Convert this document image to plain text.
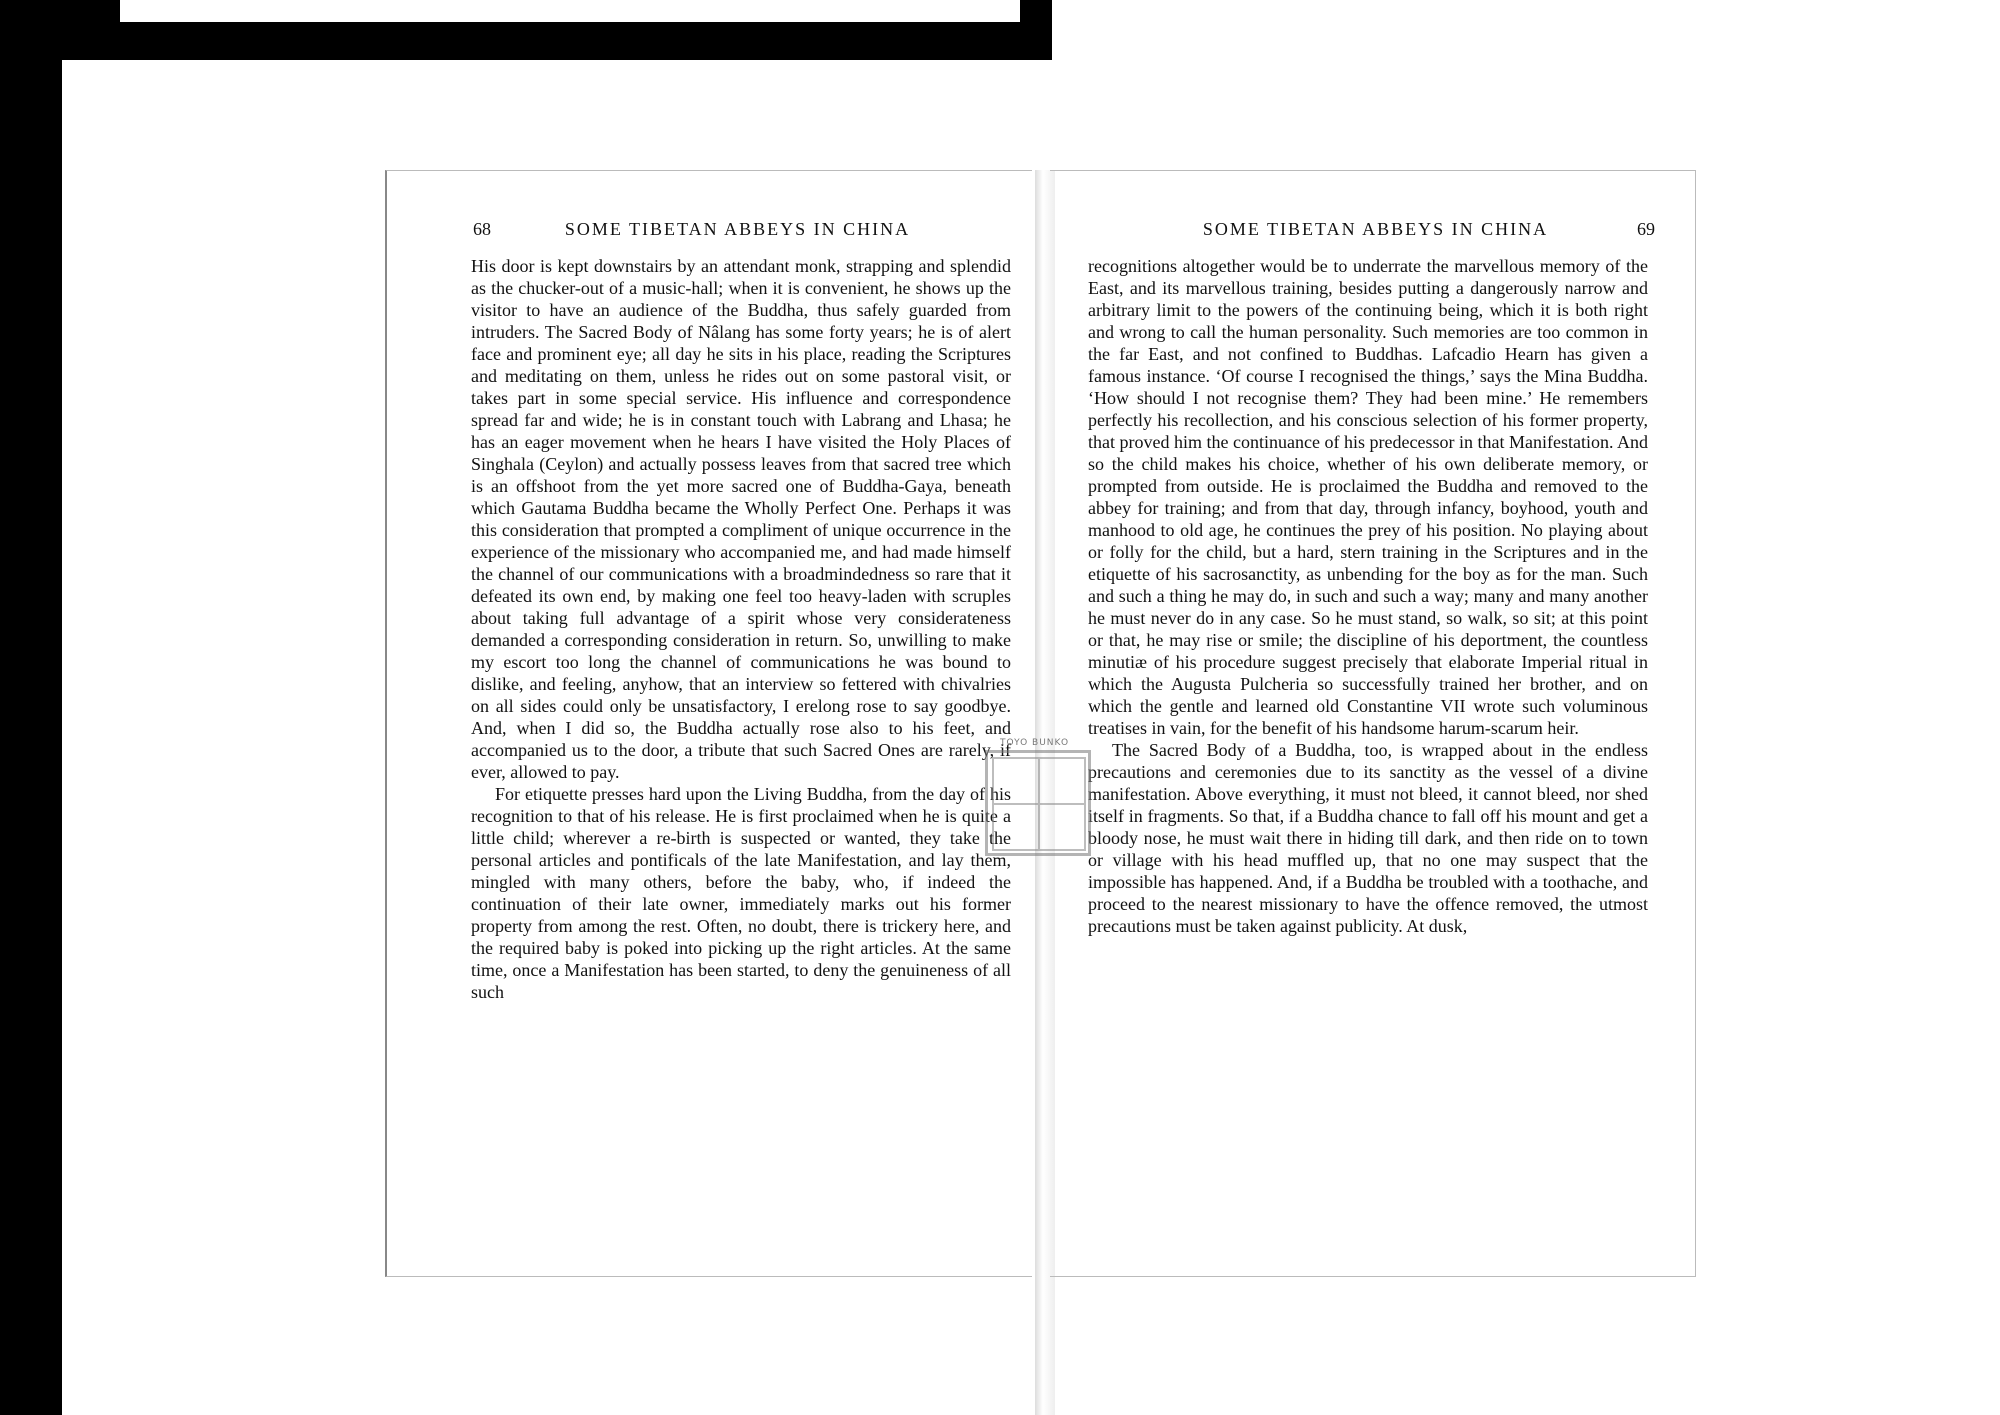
68	SOME TIBETAN ABBEYS IN CHINA

His door is kept downstairs by an attendant monk, strapping and splendid as the chucker-out of a music-hall; when it is convenient, he shows up the visitor to have an audience of the Buddha, thus safely guarded from intruders. The Sacred Body of Nâlang has some forty years; he is of alert face and prominent eye; all day he sits in his place, reading the Scriptures and meditating on them, unless he rides out on some pastoral visit, or takes part in some special service. His influence and correspondence spread far and wide; he is in constant touch with Labrang and Lhasa; he has an eager movement when he hears I have visited the Holy Places of Singhala (Ceylon) and actually possess leaves from that sacred tree which is an offshoot from the yet more sacred one of Buddha-Gaya, beneath which Gautama Buddha became the Wholly Perfect One. Perhaps it was this consideration that prompted a compliment of unique occurrence in the experience of the missionary who accompanied me, and had made himself the channel of our communications with a broadmindedness so rare that it defeated its own end, by making one feel too heavy-laden with scruples about taking full advantage of a spirit whose very considerateness demanded a corresponding consideration in return. So, unwilling to make my escort too long the channel of communications he was bound to dislike, and feeling, anyhow, that an interview so fettered with chivalries on all sides could only be unsatisfactory, I erelong rose to say goodbye. And, when I did so, the Buddha actually rose also to his feet, and accompanied us to the door, a tribute that such Sacred Ones are rarely, if ever, allowed to pay.

For etiquette presses hard upon the Living Buddha, from the day of his recognition to that of his release. He is first proclaimed when he is quite a little child; wherever a re-birth is suspected or wanted, they take the personal articles and pontificals of the late Manifestation, and lay them, mingled with many others, before the baby, who, if indeed the continuation of their late owner, immediately marks out his former property from among the rest. Often, no doubt, there is trickery here, and the required baby is poked into picking up the right articles. At the same time, once a Manifestation has been started, to deny the genuineness of all such

SOME TIBETAN ABBEYS IN CHINA	69

recognitions altogether would be to underrate the marvellous memory of the East, and its marvellous training, besides putting a dangerously narrow and arbitrary limit to the powers of the continuing being, which it is both right and wrong to call the human personality. Such memories are too common in the far East, and not confined to Buddhas. Lafcadio Hearn has given a famous instance. ‘Of course I recognised the things,’ says the Mina Buddha. ‘How should I not recognise them? They had been mine.’ He remembers perfectly his recollection, and his conscious selection of his former property, that proved him the continuance of his predecessor in that Manifestation. And so the child makes his choice, whether of his own deliberate memory, or prompted from outside. He is proclaimed the Buddha and removed to the abbey for training; and from that day, through infancy, boyhood, youth and manhood to old age, he continues the prey of his position. No playing about or folly for the child, but a hard, stern training in the Scriptures and in the etiquette of his sacrosanctity, as unbending for the boy as for the man. Such and such a thing he may do, in such and such a way; many and many another he must never do in any case. So he must stand, so walk, so sit; at this point or that, he may rise or smile; the discipline of his deportment, the countless minutiæ of his procedure suggest precisely that elaborate Imperial ritual in which the Augusta Pulcheria so successfully trained her brother, and on which the gentle and learned old Constantine VII wrote such voluminous treatises in vain, for the benefit of his handsome harum-scarum heir.

The Sacred Body of a Buddha, too, is wrapped about in the endless precautions and ceremonies due to its sanctity as the vessel of a divine manifestation. Above everything, it must not bleed, it cannot bleed, nor shed itself in fragments. So that, if a Buddha chance to fall off his mount and get a bloody nose, he must wait there in hiding till dark, and then ride on to town or village with his head muffled up, that no one may suspect that the impossible has happened. And, if a Buddha be troubled with a toothache, and proceed to the nearest missionary to have the offence removed, the utmost precautions must be taken against publicity. At dusk,

TOYO BUNKO
